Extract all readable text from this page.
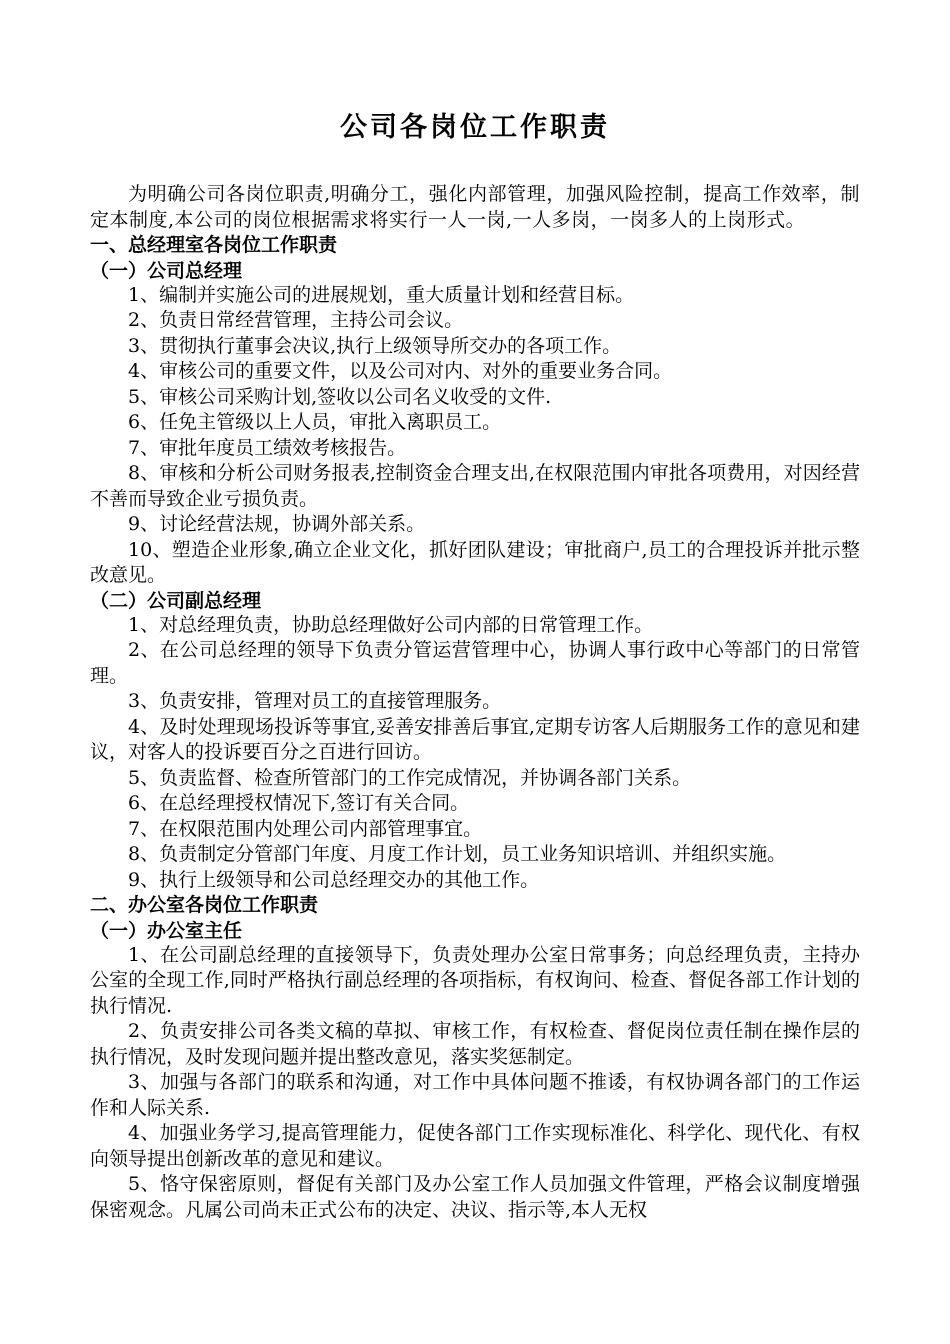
公司各岗位工作职责
为明确公司各岗位职责,明确分工，强化内部管理，加强风险控制，提高工作效率，制定本制度,本公司的岗位根据需求将实行一人一岗,一人多岗，一岗多人的上岗形式。
一、总经理室各岗位工作职责
（一）公司总经理
1、编制并实施公司的进展规划，重大质量计划和经营目标。
2、负责日常经营管理，主持公司会议。
3、贯彻执行董事会决议,执行上级领导所交办的各项工作。
4、审核公司的重要文件，以及公司对内、对外的重要业务合同。
5、审核公司采购计划,签收以公司名义收受的文件.
6、任免主管级以上人员，审批入离职员工。
7、审批年度员工绩效考核报告。
8、审核和分析公司财务报表,控制资金合理支出,在权限范围内审批各项费用，对因经营不善而导致企业亏损负责。
9、讨论经营法规，协调外部关系。
10、塑造企业形象,确立企业文化，抓好团队建设；审批商户,员工的合理投诉并批示整改意见。
（二）公司副总经理
1、对总经理负责，协助总经理做好公司内部的日常管理工作。
2、在公司总经理的领导下负责分管运营管理中心，协调人事行政中心等部门的日常管理。
3、负责安排，管理对员工的直接管理服务。
4、及时处理现场投诉等事宜,妥善安排善后事宜,定期专访客人后期服务工作的意见和建议，对客人的投诉要百分之百进行回访。
5、负责监督、检查所管部门的工作完成情况，并协调各部门关系。
6、在总经理授权情况下,签订有关合同。
7、在权限范围内处理公司内部管理事宜。
8、负责制定分管部门年度、月度工作计划，员工业务知识培训、并组织实施。
9、执行上级领导和公司总经理交办的其他工作。
二、办公室各岗位工作职责
（一）办公室主任
1、在公司副总经理的直接领导下，负责处理办公室日常事务；向总经理负责，主持办公室的全现工作,同时严格执行副总经理的各项指标，有权询问、检查、督促各部工作计划的执行情况.
2、负责安排公司各类文稿的草拟、审核工作，有权检查、督促岗位责任制在操作层的执行情况，及时发现问题并提出整改意见，落实奖惩制定。
3、加强与各部门的联系和沟通，对工作中具体问题不推诿，有权协调各部门的工作运作和人际关系.
4、加强业务学习,提高管理能力，促使各部门工作实现标准化、科学化、现代化、有权向领导提出创新改革的意见和建议。
5、恪守保密原则，督促有关部门及办公室工作人员加强文件管理，严格会议制度增强保密观念。凡属公司尚未正式公布的决定、决议、指示等,本人无权
